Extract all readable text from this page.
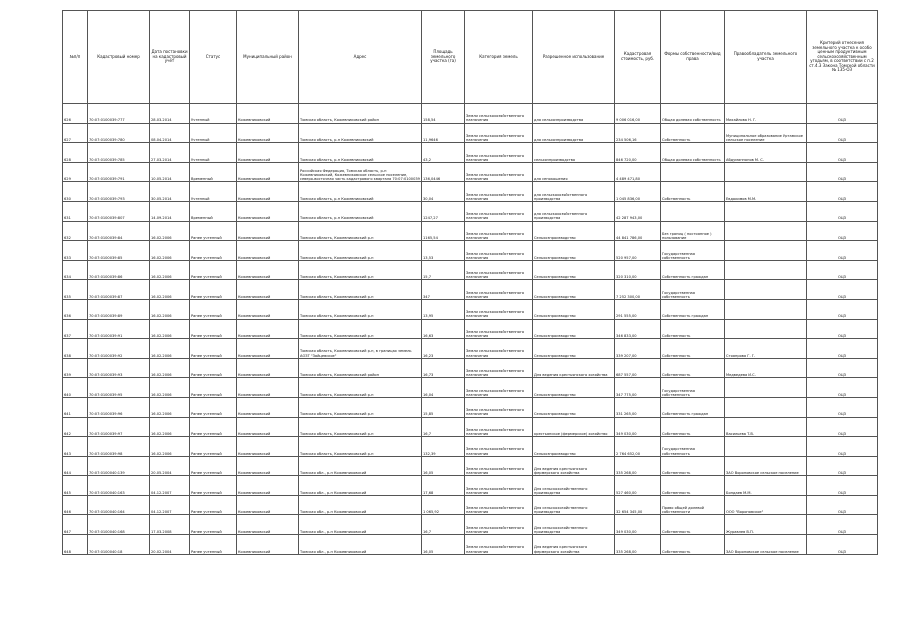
№п/п	Кадастровый номер	Дата постановки на кадастровый учёт	Статус	Муниципальный район	Адрес	Площадь земельного участка (га)	Категория земель	Разрешенное использование	Кадастровая стоимость, руб.	Формы собственности/вид права	Правообладатель земельного участка	Критерий отнесения земельного участка к особо ценным продуктивным сельскохозяйственным угодьям, в соответствии с п.2 ст.4.3 Закона Томской области № 135-ОЗ
626	70:07:0100039:777	28.03.2014	Учтенный	Кожевниковский	Томская область, Кожевниковский район	158,54	Земли сельскохозяйственного назначения	для сельхозпроизводства	9 006 016,00	Общая долевая собственность	Михайлова Н. Г.	ОЦЗ
627	70:07:0100039:780	08.04.2014	Учтенный	Кожевниковский	Томская область, р-н Кожевниковский	11,9646	Земли сельскохозяйственного назначения	для сельхозпроизводства	234 506,16	Собственность	Муниципальное образование Уртамское сельское поселение	ОЦЗ
628	70:07:0100039:785	27.03.2014	Учтенный	Кожевниковский	Томская область, р-н Кожевниковский	43,2	Земли сельскохозяйственного назначения	сельхозпроизводство	846 720,00	Общая долевая собственность	Абдуманнонов М. С.	ОЦЗ
629	70:07:0100039:791	10.05.2014	Временный	Кожевниковский	Российская Федерация, Томская область, р-н Кожевниковский, Кожевниковское сельское поселение, северо-восточная часть кадастрового квартала 70:07:0100039	136,0446	Земли сельскохозяйственного назначения	для сенокошения	4 489 471,80			ОЦЗ
630	70:07:0100039:793	30.05.2014	Учтенный	Кожевниковский	Томская область, р-н Кожевниковский	30,04	Земли сельскохозяйственного назначения	для сельскохозяйственного производства	1 045 836,00	Собственность	Евдокимов М.М.	ОЦЗ
631	70:07:0100039:807	14.09.2014	Временный	Кожевниковский	Томская область, р-н Кожевниковский	1247,27	Земли сельскохозяйственного назначения	для сельскохозяйственного производства	42 287 943,00			ОЦЗ
632	70:07:0100039:84	16.02.2006	Ранее учтенный	Кожевниковский	Томская область, Кожевниковский р-н	1165,54	Земли сельскохозяйственного назначения	Сельхозпроизводство	44 841 786,00	Без границ ( постоянное ) пользование		ОЦЗ
633	70:07:0100039:85	16.02.2006	Ранее учтенный	Кожевниковский	Томская область, Кожевниковский р-н	13,53	Земли сельскохозяйственного назначения	Сельхозпроизводство	520 957,00	Государственная собственность		ОЦЗ
634	70:07:0100039:86	16.02.2006	Ранее учтенный	Кожевниковский	Томская область, Кожевниковский р-н	15,7	Земли сельскохозяйственного назначения	Сельхозпроизводство	320 310,00	Собственность граждан		ОЦЗ
635	70:07:0100039:87	16.02.2006	Ранее учтенный	Кожевниковский	Томская область, Кожевниковский р-н	347	Земли сельскохозяйственного назначения	Сельхозпроизводство	7 252 300,00	Государственная собственность		ОЦЗ
636	70:07:0100039:89	16.02.2006	Ранее учтенный	Кожевниковский	Томская область, Кожевниковский р-н	13,95	Земли сельскохозяйственного назначения	Сельхозпроизводство	291 555,00	Собственность граждан		ОЦЗ
637	70:07:0100039:91	16.02.2006	Ранее учтенный	Кожевниковский	Томская область, Кожевниковский р-н	16,63	Земли сельскохозяйственного назначения	Сельхозпроизводство	346 833,00	Собственность		ОЦЗ
638	70:07:0100039:92	16.02.2006	Ранее учтенный	Кожевниковский	Томская область, Кожевниковский р-н, в границах земель АОЗТ "Зайцевское"	16,23	Земли сельскохозяйственного назначения	Сельхозпроизводство	339 207,00	Собственность	Стояпрова Г. Г.	ОЦЗ
639	70:07:0100039:93	16.02.2006	Ранее учтенный	Кожевниковский	Томская область, Кожевниковский район	16,73	Земли сельскохозяйственного назначения	Для ведения крестьянского хозяйства	687 557,00	Собственность	Медведева И.С.	ОЦЗ
640	70:07:0100039:95	16.02.2006	Ранее учтенный	Кожевниковский	Томская область, Кожевниковский р-н	16,04	Земли сельскохозяйственного назначения	Сельхозпроизводство	347 775,00	Государственная собственность		ОЦЗ
641	70:07:0100039:96	16.02.2006	Ранее учтенный	Кожевниковский	Томская область, Кожевниковский р-н	15,85	Земли сельскохозяйственного назначения	Сельхозпроизводство	331 265,00	Собственность граждан		ОЦЗ
642	70:07:0100039:97	16.02.2006	Ранее учтенный	Кожевниковский	Томская область, Кожевниковский р-н	16,7	Земли сельскохозяйственного назначения	крестьянское (фермерское) хозяйство	349 030,00	Собственность	Васильева Т.В.	ОЦЗ
643	70:07:0100039:98	16.02.2006	Ранее учтенный	Кожевниковский	Томская область, Кожевниковский р-н	132,39	Земли сельскохозяйственного назначения	Сельхозпроизводство	2 764 652,00	Государственная собственность		ОЦЗ
644	70:07:0100040:139	20.05.2004	Ранее учтенный	Кожевниковский	Томская обл., р-н Кожевниковский	16,05	Земли сельскохозяйственного назначения	Для ведения крестьянского фермерского хозяйства	335 268,00	Собственность	ЗАО Вороновское сельское поселение	ОЦЗ
645	70:07:0100040:163	04.12.2007	Ранее учтенный	Кожевниковский	Томская обл., р-н Кожевниковский	17,68	Земли сельскохозяйственного назначения	Для сельскохозяйственного производства	527 460,00	Собственность	Бондаев М.М.	ОЦЗ
646	70:07:0100040:164	04.12.2007	Ранее учтенный	Кожевниковский	Томская обл., р-н Кожевниковский	1 065,92	Земли сельскохозяйственного назначения	Для сельскохозяйственного производства	32 654 345,00	Право общей долевой собственности	ООО "Вороновское"	ОЦЗ
647	70:07:0100040:168	17.03.2008	Ранее учтенный	Кожевниковский	Томская обл., р-н Кожевниковский	16,7	Земли сельскохозяйственного назначения	Для сельскохозяйственного производства	349 030,00	Собственность	Журавлев В.П.	ОЦЗ
648	70:07:0100040:18	20.02.2004	Ранее учтенный	Кожевниковский	Томская обл., р-н Кожевниковский	16,05	Земли сельскохозяйственного назначения	Для ведения крестьянского фермерского хозяйства	335 268,00	Собственность	ЗАО Вороновское сельское поселение	ОЦЗ
